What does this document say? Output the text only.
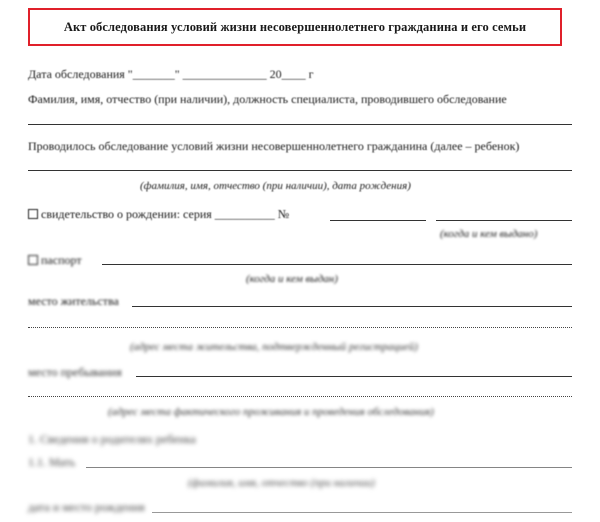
Акт обследования условий жизни несовершеннолетнего гражданина и его семьи
Дата обследования "_______" ______________ 20____ г
Фамилия, имя, отчество (при наличии), должность специалиста, проводившего обследование
Проводилось обследование условий жизни несовершеннолетнего гражданина (далее – ребенок)
(фамилия, имя, отчество (при наличии), дата рождения)
свидетельство о рождении: серия __________ №
(когда и кем выдано)
паспорт
(когда и кем выдан)
место жительства
(адрес места жительства, подтвержденный регистрацией)
место пребывания
(адрес места фактического проживания и проведения обследования)
1. Сведения о родителях ребенка
1.1. Мать
(фамилия, имя, отчество (при наличии)
дата и место рождения
